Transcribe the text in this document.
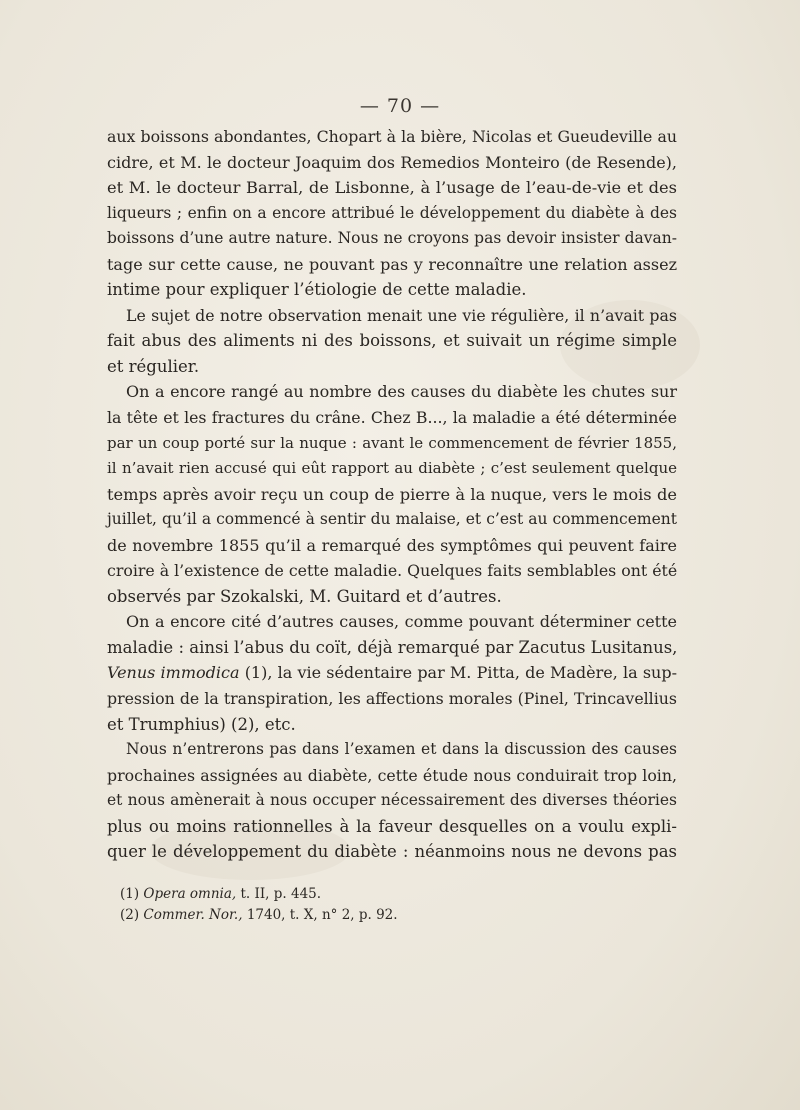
— 70 —
aux boissons abondantes, Chopart à la bière, Nicolas et Gueudeville au
cidre, et M. le docteur Joaquim dos Remedios Monteiro (de Resende),
et M. le docteur Barral, de Lisbonne, à l’usage de l’eau-de-vie et des
liqueurs ; enfin on a encore attribué le développement du diabète à des
boissons d’une autre nature. Nous ne croyons pas devoir insister davan-
tage sur cette cause, ne pouvant pas y reconnaître une relation assez
intime pour expliquer l’étiologie de cette maladie.
Le sujet de notre observation menait une vie régulière, il n’avait pas
fait abus des aliments ni des boissons, et suivait un régime simple
et régulier.
On a encore rangé au nombre des causes du diabète les chutes sur
la tête et les fractures du crâne. Chez B..., la maladie a été déterminée
par un coup porté sur la nuque : avant le commencement de février 1855,
il n’avait rien accusé qui eût rapport au diabète ; c’est seulement quelque
temps après avoir reçu un coup de pierre à la nuque, vers le mois de
juillet, qu’il a commencé à sentir du malaise, et c’est au commencement
de novembre 1855 qu’il a remarqué des symptômes qui peuvent faire
croire à l’existence de cette maladie. Quelques faits semblables ont été
observés par Szokalski, M. Guitard et d’autres.
On a encore cité d’autres causes, comme pouvant déterminer cette
maladie : ainsi l’abus du coït, déjà remarqué par Zacutus Lusitanus,
Venus immodica (1), la vie sédentaire par M. Pitta, de Madère, la sup-
pression de la transpiration, les affections morales (Pinel, Trincavellius
et Trumphius) (2), etc.
Nous n’entrerons pas dans l’examen et dans la discussion des causes
prochaines assignées au diabète, cette étude nous conduirait trop loin,
et nous amènerait à nous occuper nécessairement des diverses théories
plus ou moins rationnelles à la faveur desquelles on a voulu expli-
quer le développement du diabète : néanmoins nous ne devons pas
(1) Opera omnia, t. II, p. 445.
(2) Commer. Nor., 1740, t. X, n° 2, p. 92.
